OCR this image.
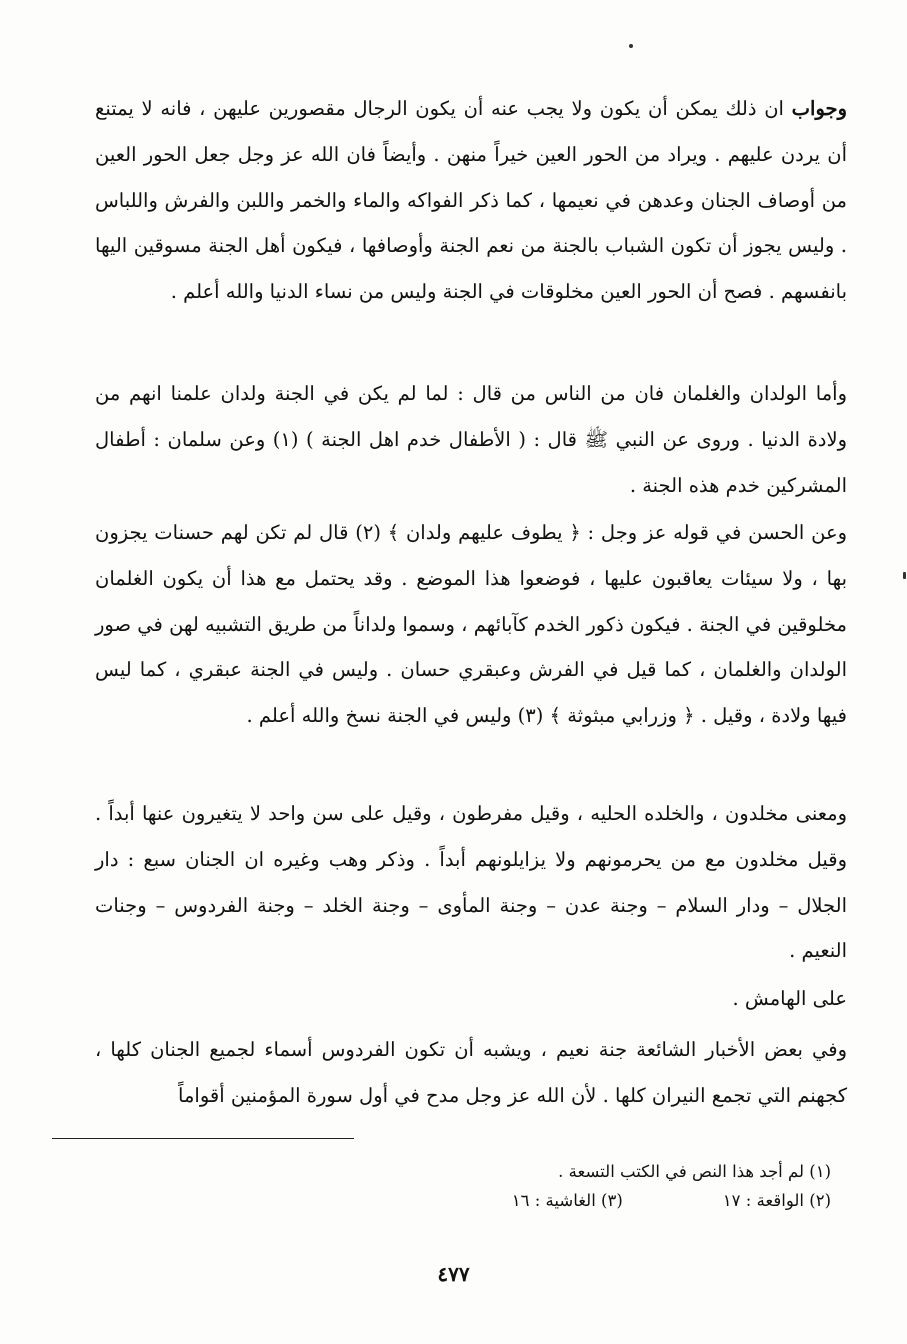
وجواب ان ذلك يمكن أن يكون ولا يجب عنه أن يكون الرجال مقصورين عليهن ، فانه لا يمتنع أن يردن عليهم . ويراد من الحور العين خيراً منهن . وأيضاً فان الله عز وجل جعل الحور العين من أوصاف الجنان وعدهن في نعيمها ، كما ذكر الفواكه والماء والخمر واللبن والفرش واللباس . وليس يجوز أن تكون الشباب بالجنة من نعم الجنة وأوصافها ، فيكون أهل الجنة مسوقين اليها بانفسهم . فصح أن الحور العين مخلوقات في الجنة وليس من نساء الدنيا والله أعلم .

وأما الولدان والغلمان فان من الناس من قال : لما لم يكن في الجنة ولدان علمنا انهم من ولادة الدنيا . وروى عن النبي ﷺ قال : ( الأطفال خدم اهل الجنة ) (١) وعن سلمان : أطفال المشركين خدم هذه الجنة .

وعن الحسن في قوله عز وجل : ﴿ يطوف عليهم ولدان ﴾ (٢) قال لم تكن لهم حسنات يجزون بها ، ولا سيئات يعاقبون عليها ، فوضعوا هذا الموضع . وقد يحتمل مع هذا أن يكون الغلمان مخلوقين في الجنة . فيكون ذكور الخدم كآبائهم ، وسموا ولداناً من طريق التشبيه لهن في صور الولدان والغلمان ، كما قيل في الفرش وعبقري حسان . وليس في الجنة عبقري ، كما ليس فيها ولادة ، وقيل . ﴿ وزرابي مبثوثة ﴾ (٣) وليس في الجنة نسخ والله أعلم .

ومعنى مخلدون ، والخلده الحليه ، وقيل مفرطون ، وقيل على سن واحد لا يتغيرون عنها أبداً . وقيل مخلدون مع من يحرمونهم ولا يزايلونهم أبداً . وذكر وهب وغيره ان الجنان سبع : دار الجلال – ودار السلام – وجنة عدن – وجنة المأوى – وجنة الخلد – وجنة الفردوس – وجنات النعيم .

على الهامش .

وفي بعض الأخبار الشائعة جنة نعيم ، ويشبه أن تكون الفردوس أسماء لجميع الجنان كلها ، كجهنم التي تجمع النيران كلها . لأن الله عز وجل مدح في أول سورة المؤمنين أقواماً

(١) لم أجد هذا النص في الكتب التسعة .
(٢) الواقعة : ١٧(٣) الغاشية : ١٦
٤٧٧
